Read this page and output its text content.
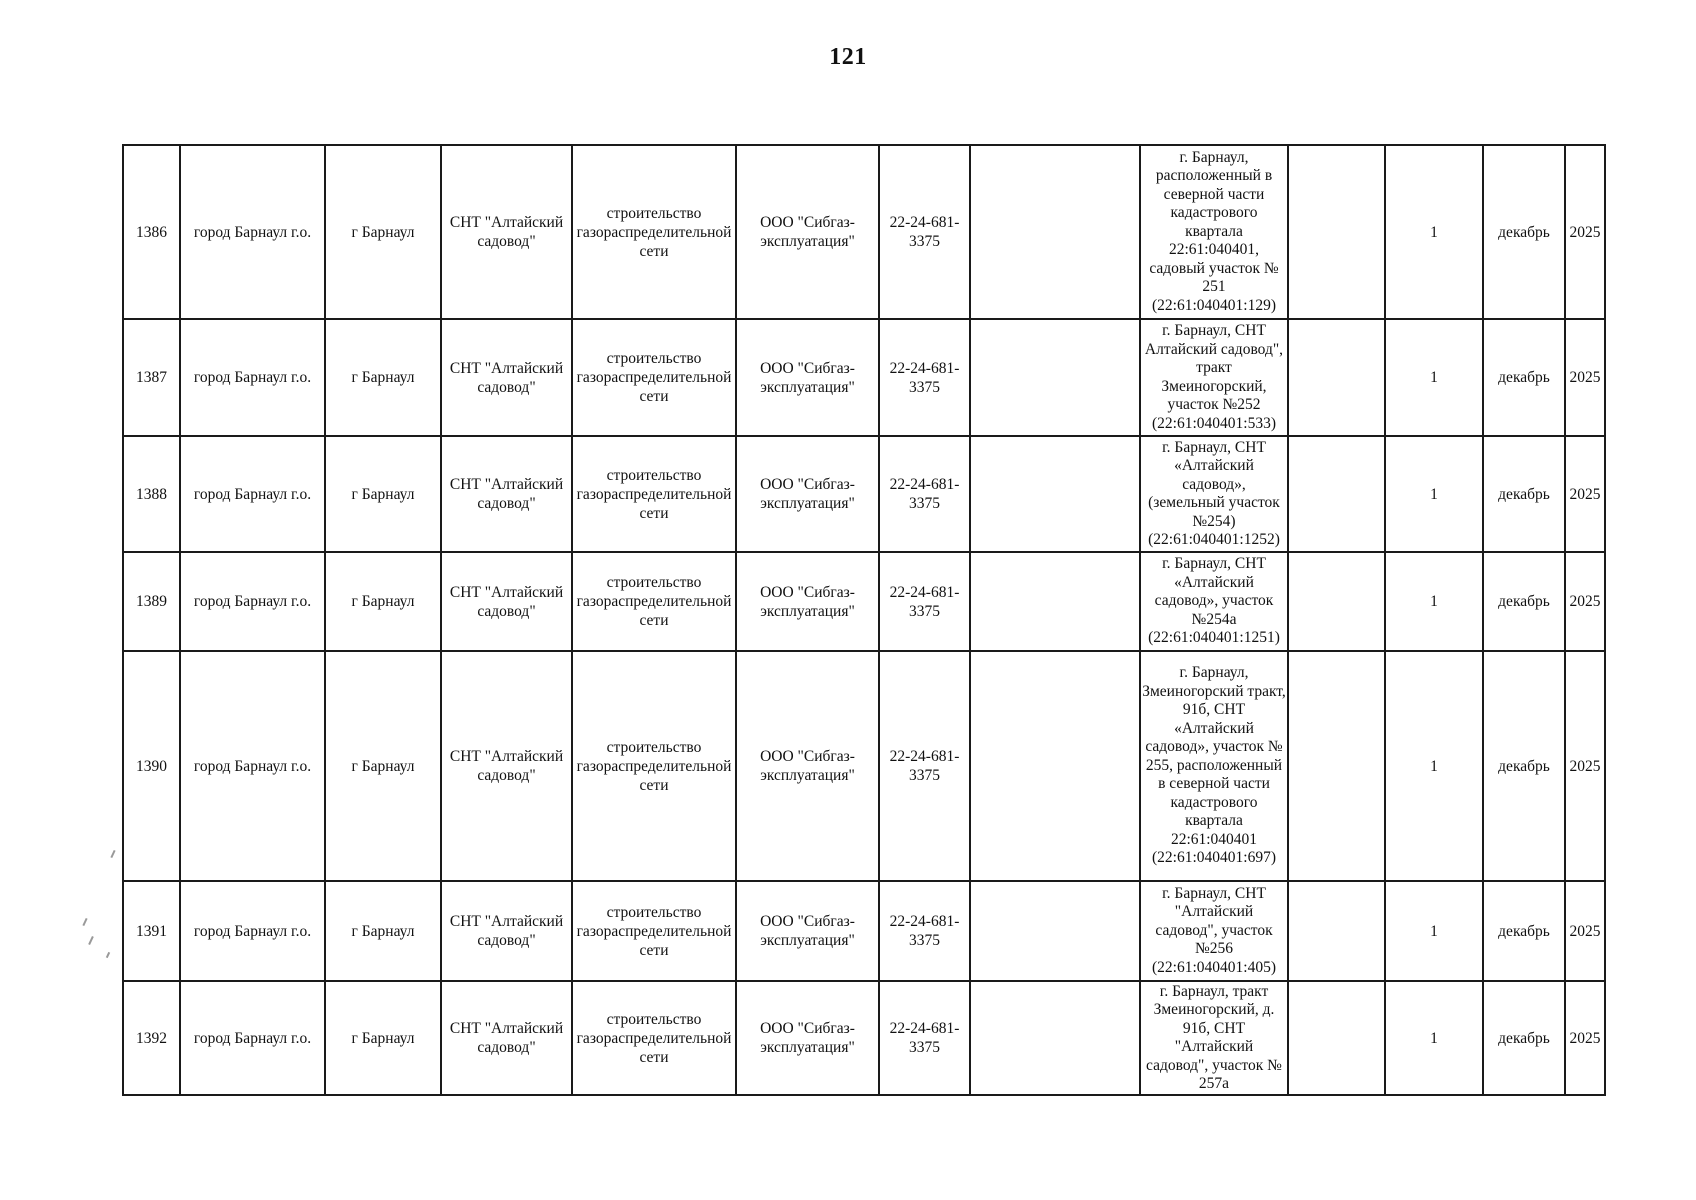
121
1386	город Барнаул г.о.	г Барнаул	СНТ "Алтайский садовод"	строительство газораспределительной сети	ООО "Сибгаз-эксплуатация"	22-24-681-3375		г. Барнаул, расположенный в северной части кадастрового квартала 22:61:040401, садовый участок № 251 (22:61:040401:129)		1	декабрь	2025
1387	город Барнаул г.о.	г Барнаул	СНТ "Алтайский садовод"	строительство газораспределительной сети	ООО "Сибгаз-эксплуатация"	22-24-681-3375		г. Барнаул, СНТ Алтайский садовод", тракт Змеиногорский, участок №252 (22:61:040401:533)		1	декабрь	2025
1388	город Барнаул г.о.	г Барнаул	СНТ "Алтайский садовод"	строительство газораспределительной сети	ООО "Сибгаз-эксплуатация"	22-24-681-3375		г. Барнаул, СНТ «Алтайский садовод», (земельный участок №254) (22:61:040401:1252)		1	декабрь	2025
1389	город Барнаул г.о.	г Барнаул	СНТ "Алтайский садовод"	строительство газораспределительной сети	ООО "Сибгаз-эксплуатация"	22-24-681-3375		г. Барнаул, СНТ «Алтайский садовод», участок №254а (22:61:040401:1251)		1	декабрь	2025
1390	город Барнаул г.о.	г Барнаул	СНТ "Алтайский садовод"	строительство газораспределительной сети	ООО "Сибгаз-эксплуатация"	22-24-681-3375		г. Барнаул, Змеиногорский тракт, 91б, СНТ «Алтайский садовод», участок № 255, расположенный в северной части кадастрового квартала 22:61:040401 (22:61:040401:697)		1	декабрь	2025
1391	город Барнаул г.о.	г Барнаул	СНТ "Алтайский садовод"	строительство газораспределительной сети	ООО "Сибгаз-эксплуатация"	22-24-681-3375		г. Барнаул, СНТ "Алтайский садовод", участок №256 (22:61:040401:405)		1	декабрь	2025
1392	город Барнаул г.о.	г Барнаул	СНТ "Алтайский садовод"	строительство газораспределительной сети	ООО "Сибгаз-эксплуатация"	22-24-681-3375		г. Барнаул, тракт Змеиногорский, д. 91б, СНТ "Алтайский садовод", участок № 257а		1	декабрь	2025
